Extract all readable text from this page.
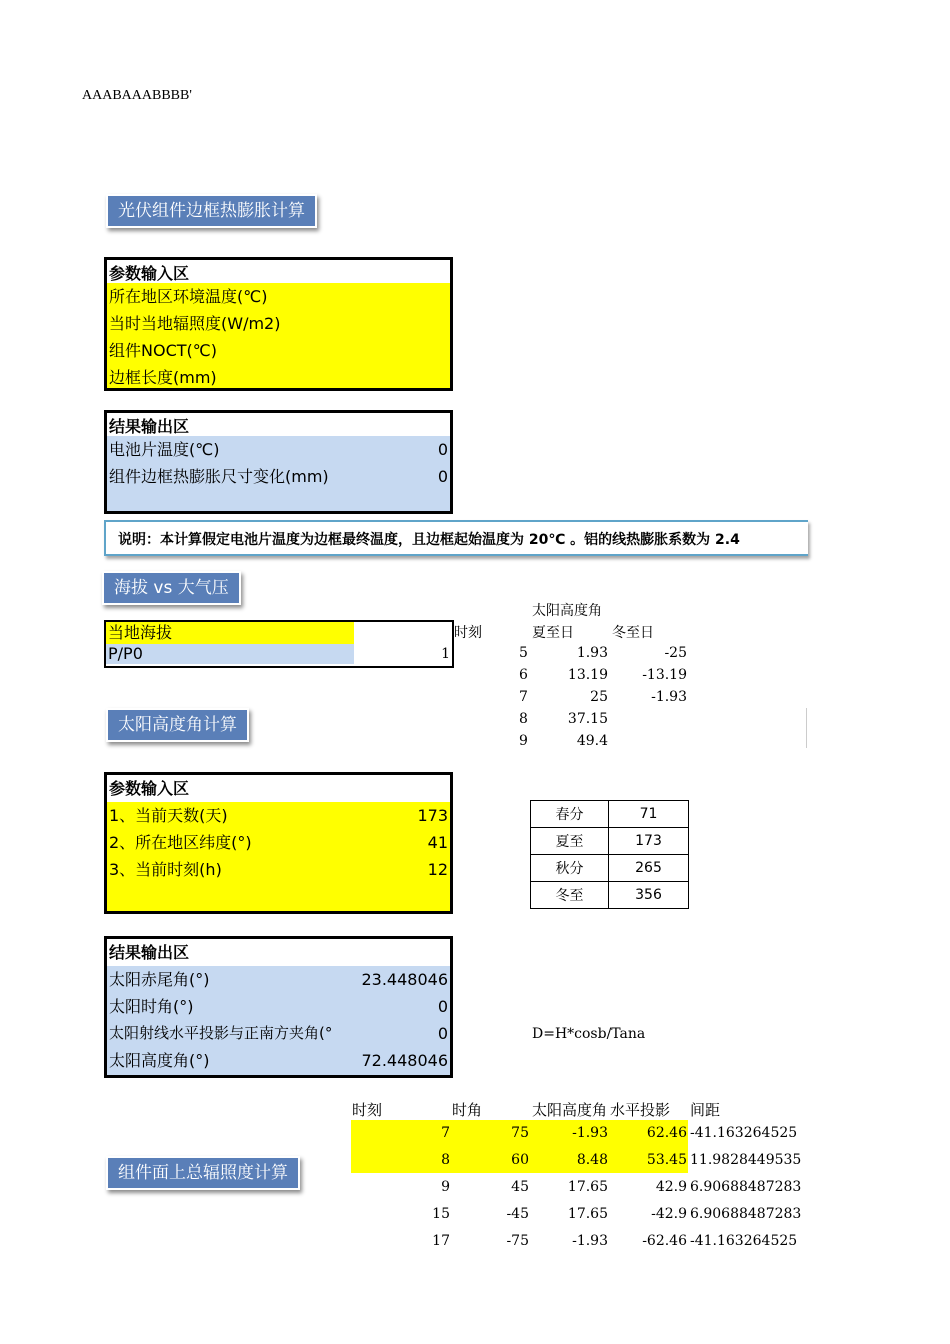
AAABAAABBBB'
光伏组件边框热膨胀计算
参数输入区
所在地区环境温度(℃)
当时当地辐照度(W/m2)
组件NOCT(℃)
边框长度(mm)
结果输出区
电池片温度(℃)	0
组件边框热膨胀尺寸变化(mm)	0
说明：本计算假定电池片温度为边框最终温度，且边框起始温度为 20℃ 。铝的线热膨胀系数为 2.4
海拔 vs 大气压
当地海拔
P/P0	1
太阳高度角
时刻	夏至日	冬至日
5	1.93	-25
6	13.19	-13.19
7	25	-1.93
8	37.15
9	49.4
太阳高度角计算
参数输入区
1、当前天数(天)	173
2、所在地区纬度(°)	41
3、当前时刻(h)	12
春分	71
夏至	173
秋分	265
冬至	356
结果输出区
太阳赤尾角(°)	23.448046
太阳时角(°)	0
太阳射线水平投影与正南方夹角(°	0
太阳高度角(°)	72.448046
D=H*cosb/Tana
时刻	时角	太阳高度角 水平投影	间距
7	75	-1.93	62.46 -41.163264525
8	60	8.48	53.45 11.9828449535
9	45	17.65	42.9 6.90688487283
15	-45	17.65	-42.9 6.90688487283
17	-75	-1.93	-62.46 -41.163264525
组件面上总辐照度计算
